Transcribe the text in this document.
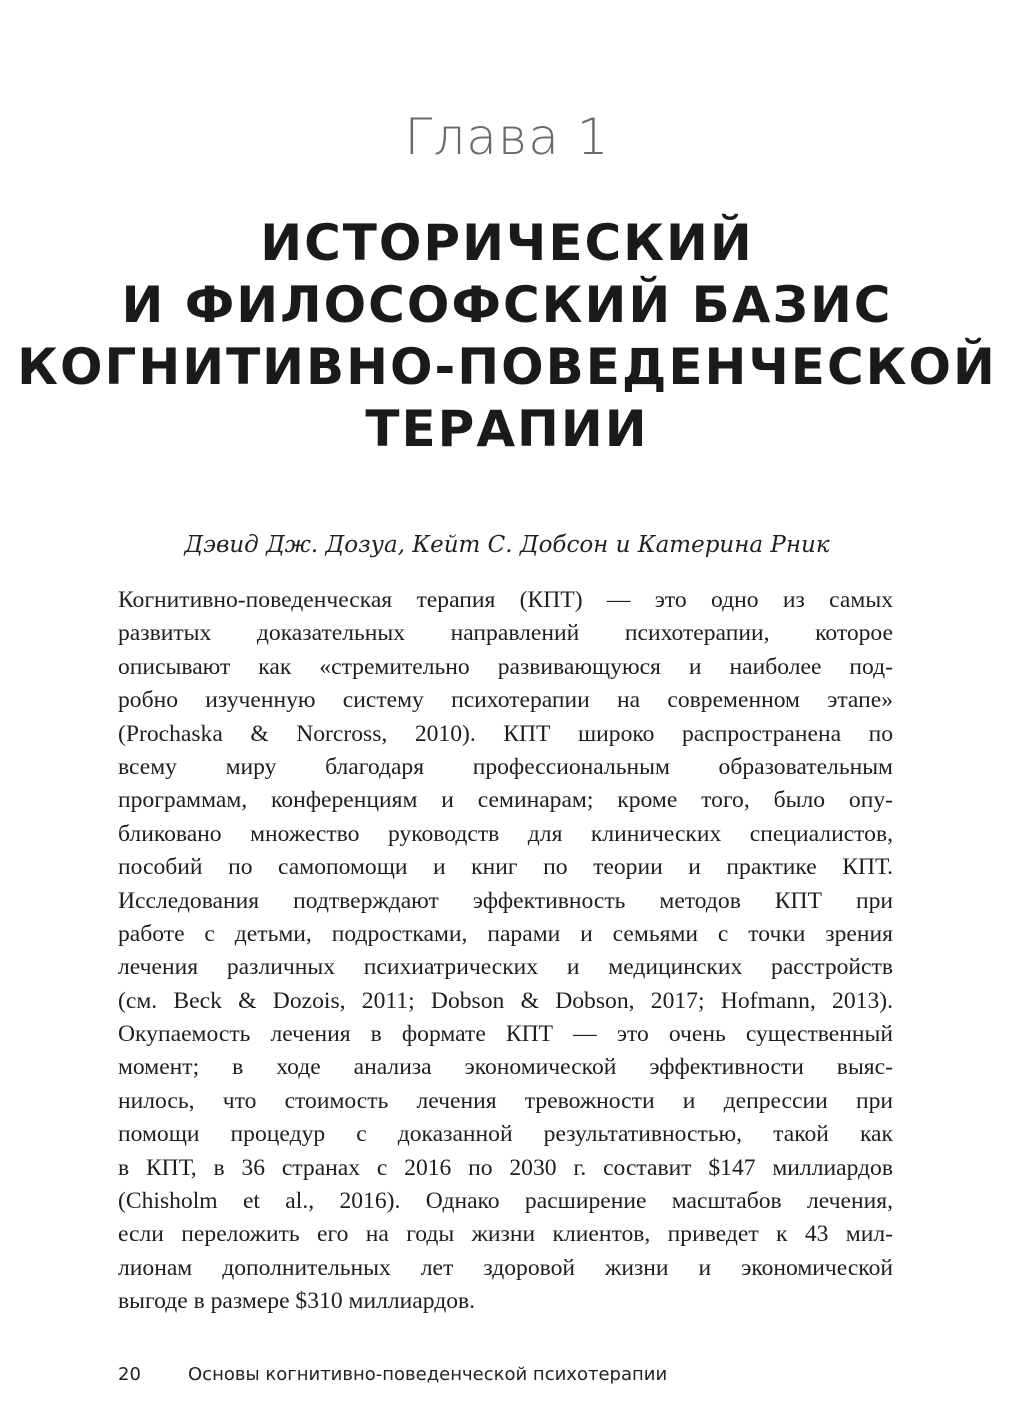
Глава 1
ИСТОРИЧЕСКИЙ
И ФИЛОСОФСКИЙ БАЗИС
КОГНИТИВНО-ПОВЕДЕНЧЕСКОЙ
ТЕРАПИИ
Дэвид Дж. Дозуа, Кейт С. Добсон и Катерина Рник
Когнитивно-поведенческая терапия (КПТ) — это одно из самых
развитых доказательных направлений психотерапии, которое
описывают как «стремительно развивающуюся и наиболее под-
робно изученную систему психотерапии на современном этапе»
(Prochaska & Norcross, 2010). КПТ широко распространена по
всему миру благодаря профессиональным образовательным
программам, конференциям и семинарам; кроме того, было опу-
бликовано множество руководств для клинических специалистов,
пособий по самопомощи и книг по теории и практике КПТ.
Исследования подтверждают эффективность методов КПТ при
работе с детьми, подростками, парами и семьями с точки зрения
лечения различных психиатрических и медицинских расстройств
(см. Beck & Dozois, 2011; Dobson & Dobson, 2017; Hofmann, 2013).
Окупаемость лечения в формате КПТ — это очень существенный
момент; в ходе анализа экономической эффективности выяс-
нилось, что стоимость лечения тревожности и депрессии при
помощи процедур с доказанной результативностью, такой как
в КПТ, в 36 странах с 2016 по 2030 г. составит $147 миллиардов
(Chisholm et al., 2016). Однако расширение масштабов лечения,
если переложить его на годы жизни клиентов, приведет к 43 мил-
лионам дополнительных лет здоровой жизни и экономической
выгоде в размере $310 миллиардов.
20	Основы когнитивно-поведенческой психотерапии
